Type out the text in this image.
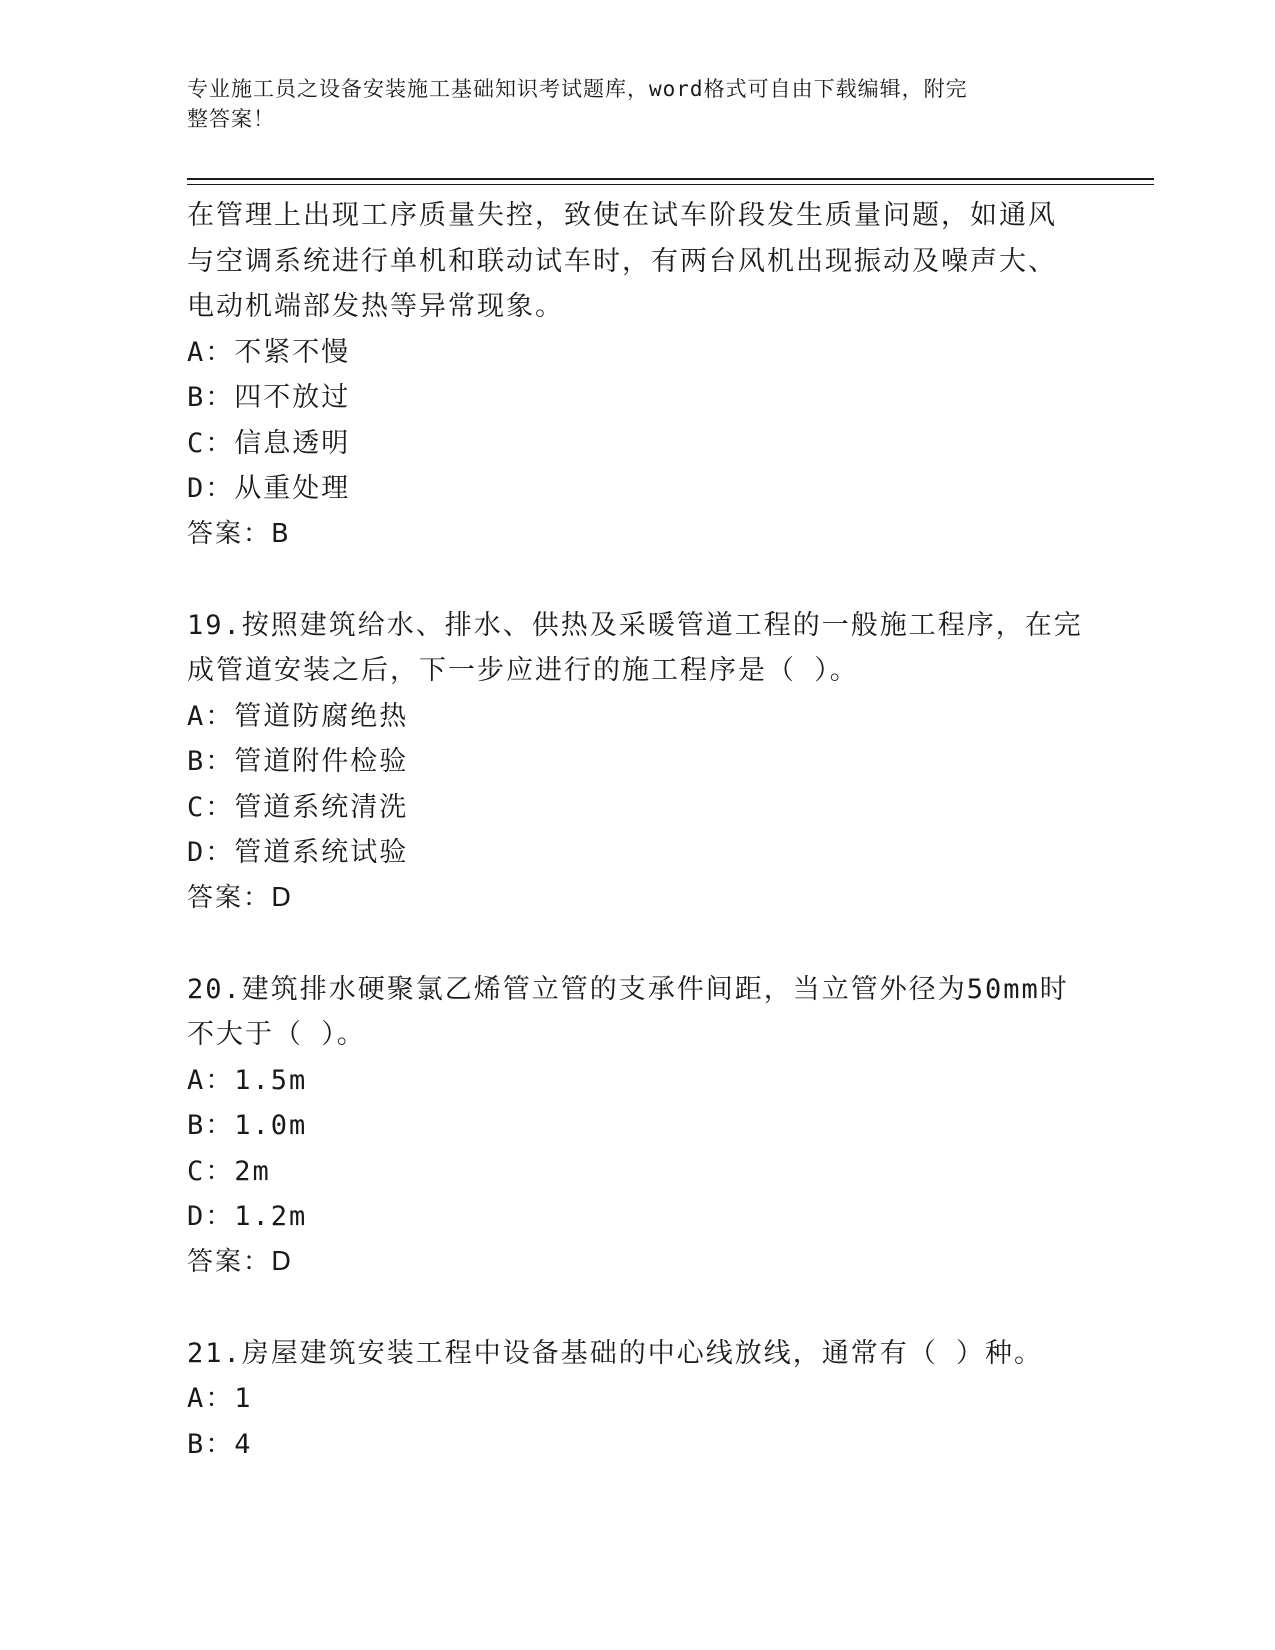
专业施工员之设备安装施工基础知识考试题库，word格式可自由下载编辑，附完
整答案！
在管理上出现工序质量失控，致使在试车阶段发生质量问题，如通风
与空调系统进行单机和联动试车时，有两台风机出现振动及噪声大、
电动机端部发热等异常现象。
A：不紧不慢
B：四不放过
C：信息透明
D：从重处理
答案：B
19.按照建筑给水、排水、供热及采暖管道工程的一般施工程序，在完
成管道安装之后，下一步应进行的施工程序是（ ）。
A：管道防腐绝热
B：管道附件检验
C：管道系统清洗
D：管道系统试验
答案：D
20.建筑排水硬聚氯乙烯管立管的支承件间距，当立管外径为50mm时
不大于（ ）。
A：1.5m
B：1.0m
C：2m
D：1.2m
答案：D
21.房屋建筑安装工程中设备基础的中心线放线，通常有（ ）种。
A：1
B：4
